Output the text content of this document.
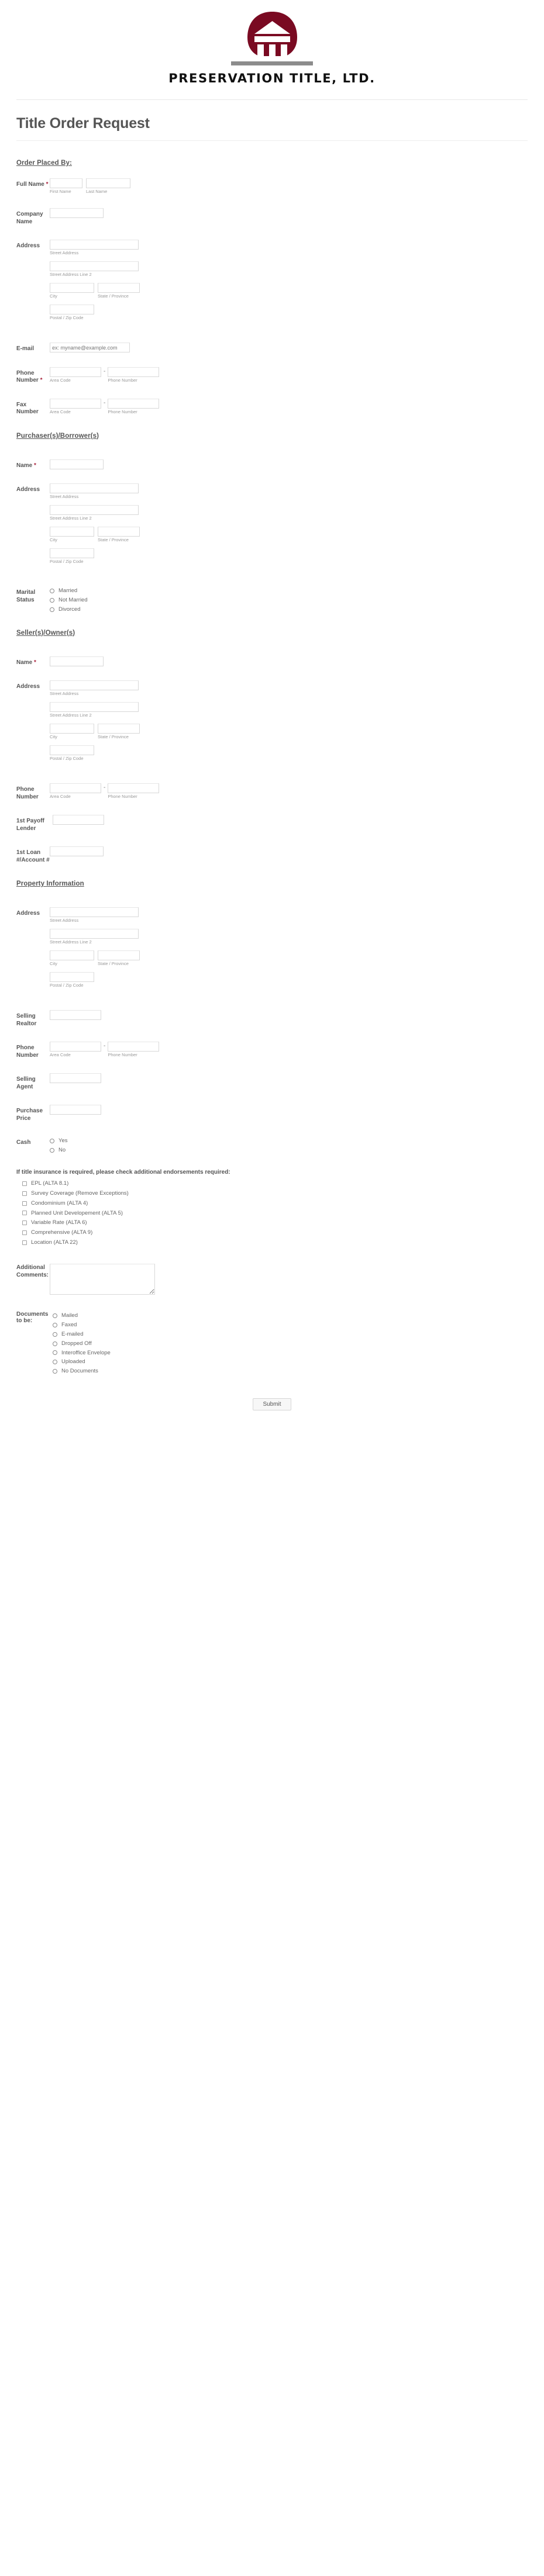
PRESERVATION TITLE, LTD.
Title Order Request
Order Placed By:
Full Name *
First Name	Last Name
Company Name
Address
Street Address
Street Address Line 2
City	State / Province
Postal / Zip Code
E-mail
ex: myname@example.com
Phone Number *	Area Code
-
Phone Number
Fax Number	Area Code
-
Phone Number
Purchaser(s)/Borrower(s)
Name *
Address
Street Address
Street Address Line 2
City	State / Province
Postal / Zip Code
Marital Status
Married
Not Married
Divorced
Seller(s)/Owner(s)
Name *
Address
Street Address
Street Address Line 2
City	State / Province
Postal / Zip Code
Phone Number	Area Code
-
Phone Number
1st Payoff Lender
1st Loan #/Account #
Property Information
Address
Street Address
Street Address Line 2
City	State / Province
Postal / Zip Code
Selling Realtor
Phone Number	Area Code
-
Phone Number
Selling Agent
Purchase Price
Cash	Yes
No
If title insurance is required, please check additional endorsements required:
EPL (ALTA 8.1)
Survey Coverage (Remove Exceptions)
Condominium (ALTA 4)
Planned Unit Developement (ALTA 5)
Variable Rate (ALTA 6)
Comprehensive (ALTA 9)
Location (ALTA 22)
Additional Comments:
Documents to be:
Mailed
Faxed
E-mailed
Dropped Off
Interoffice Envelope
Uploaded
No Documents
Submit
